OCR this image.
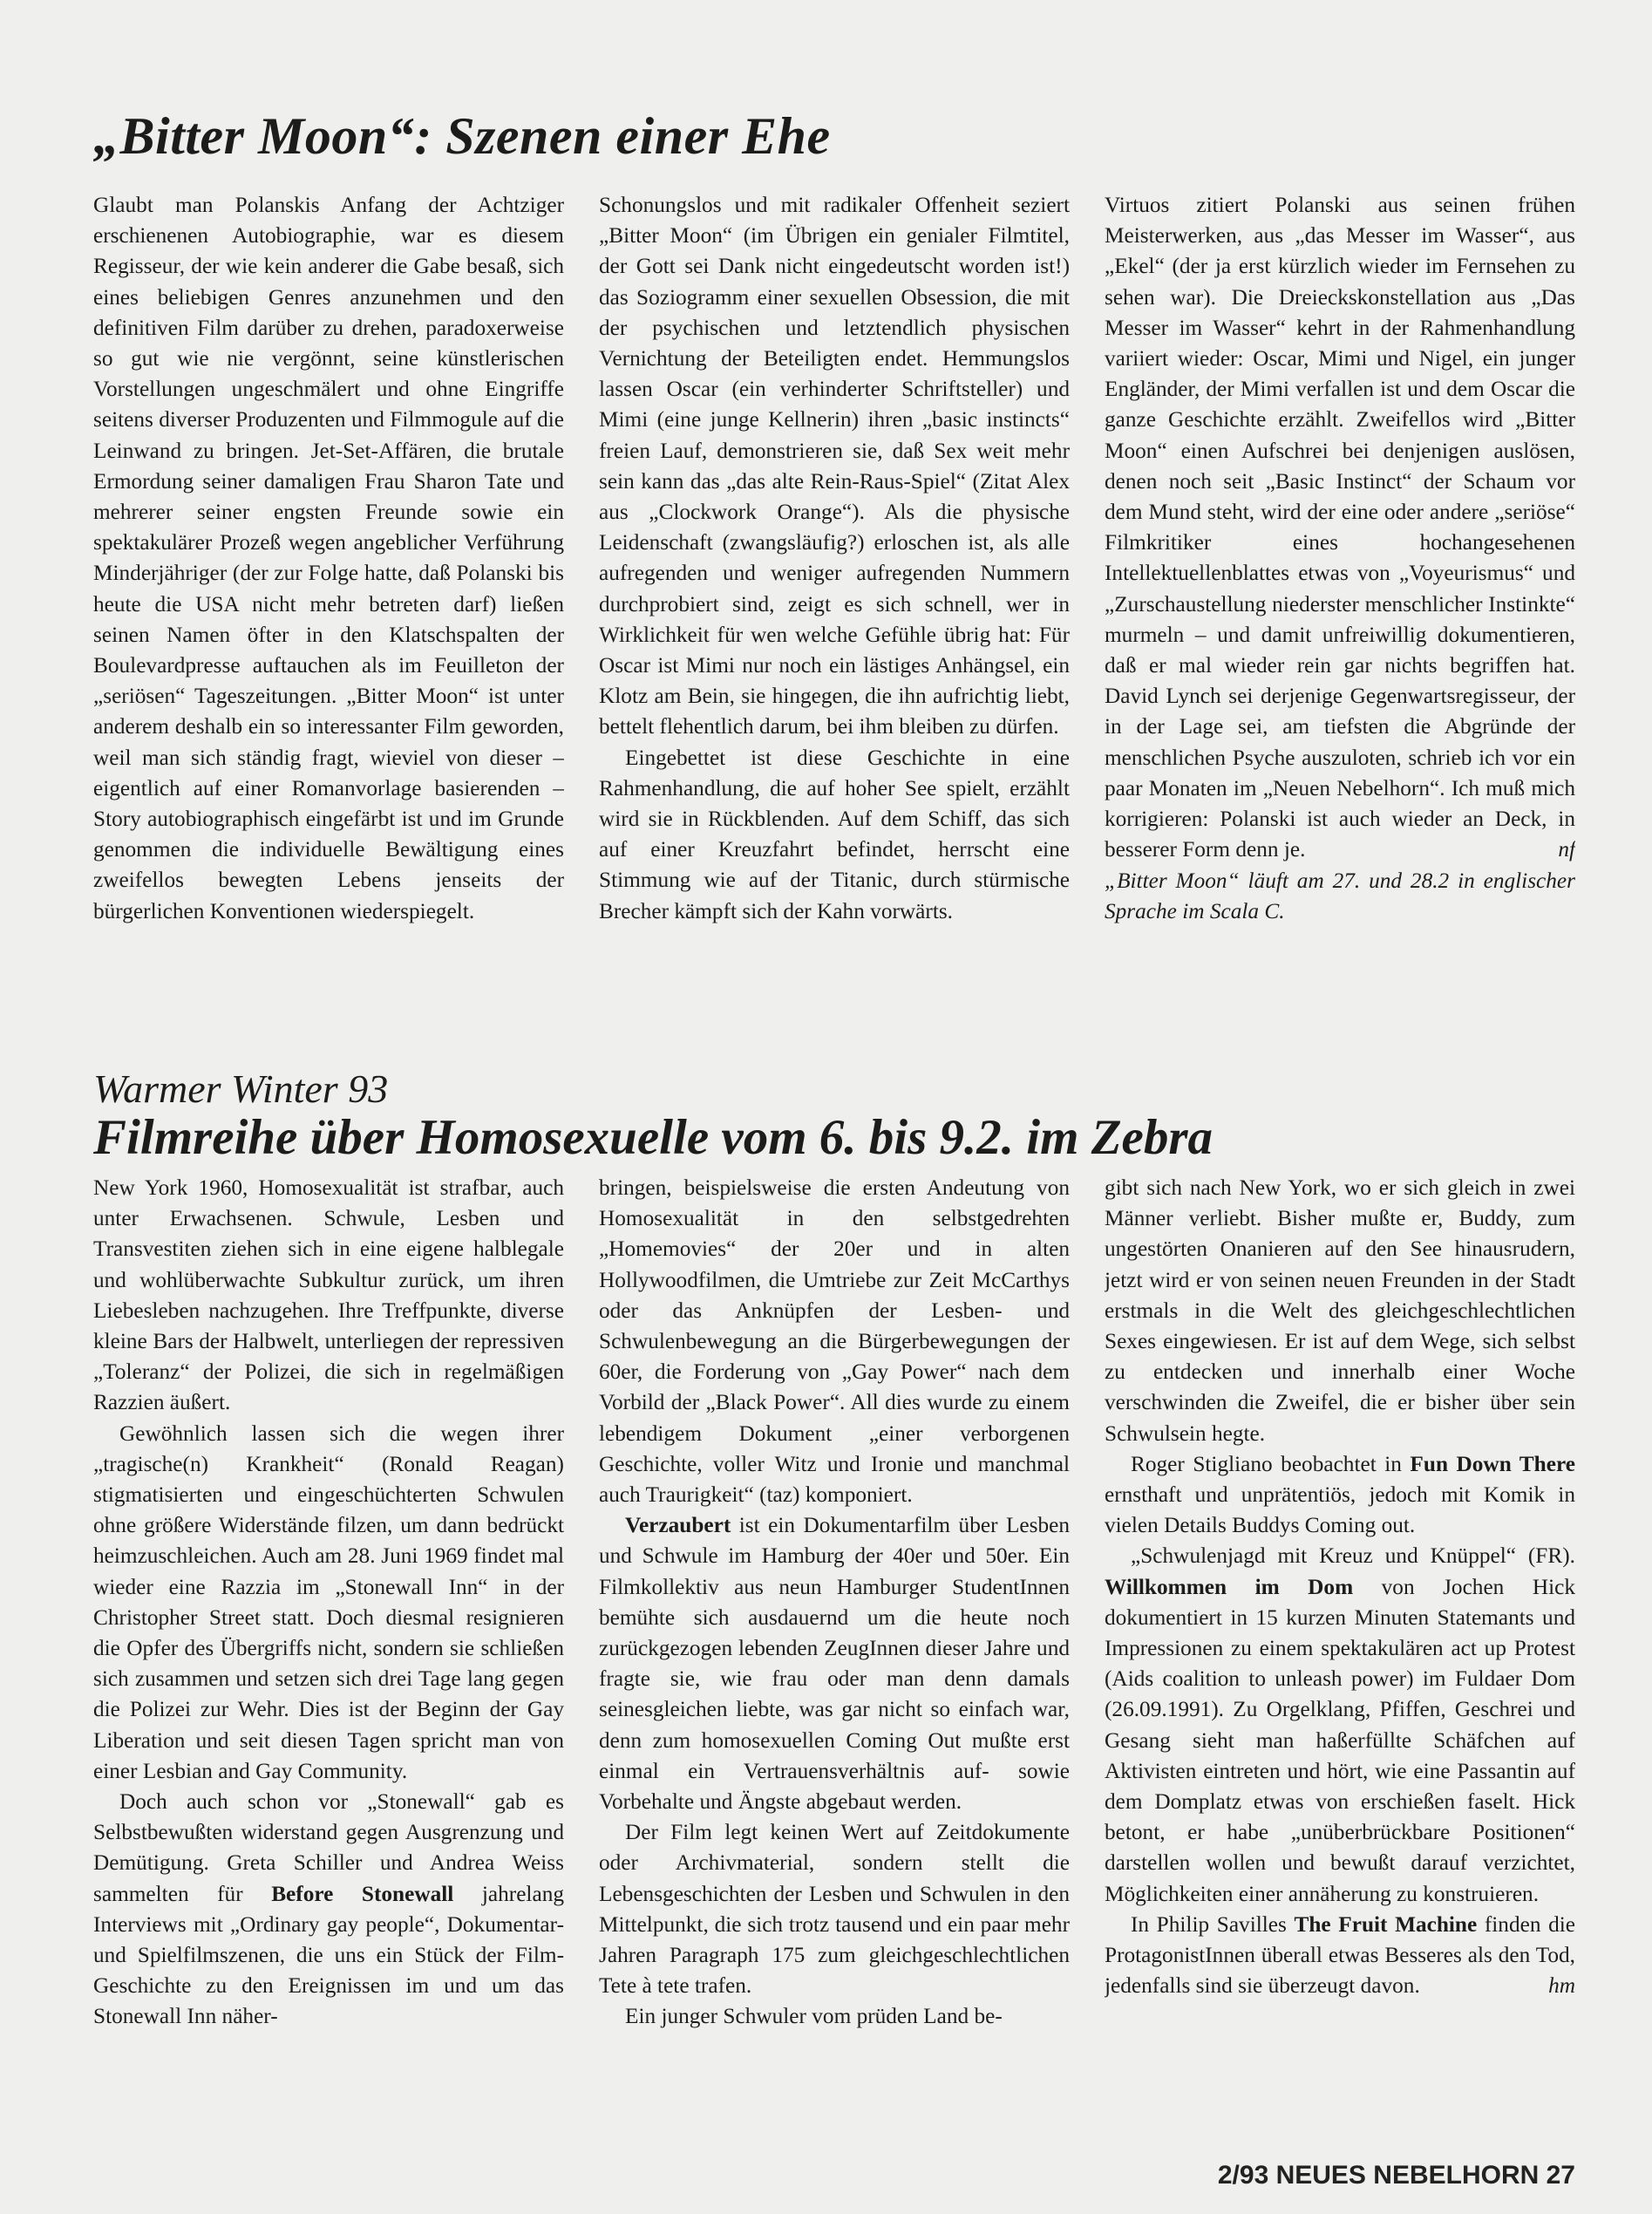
„Bitter Moon“: Szenen einer Ehe

Glaubt man Polanskis Anfang der Achtziger erschienenen Autobiographie, war es diesem Regisseur, der wie kein anderer die Gabe besaß, sich eines beliebigen Genres anzunehmen und den definitiven Film darüber zu drehen, paradoxerweise so gut wie nie vergönnt, seine künstlerischen Vorstellungen ungeschmälert und ohne Eingriffe seitens diverser Produzenten und Filmmogule auf die Leinwand zu bringen. Jet-Set-Affären, die brutale Ermordung seiner damaligen Frau Sharon Tate und mehrerer seiner engsten Freunde sowie ein spektakulärer Prozeß wegen angeblicher Verführung Minderjähriger (der zur Folge hatte, daß Polanski bis heute die USA nicht mehr betreten darf) ließen seinen Namen öfter in den Klatschspalten der Boulevardpresse auftauchen als im Feuilleton der „seriösen“ Tageszeitungen. „Bitter Moon“ ist unter anderem deshalb ein so interessanter Film geworden, weil man sich ständig fragt, wieviel von dieser – eigentlich auf einer Romanvorlage basierenden – Story autobiographisch eingefärbt ist und im Grunde genommen die individuelle Bewältigung eines zweifellos bewegten Lebens jenseits der bürgerlichen Konventionen wiederspiegelt.

Schonungslos und mit radikaler Offenheit seziert „Bitter Moon“ (im Übrigen ein genialer Filmtitel, der Gott sei Dank nicht eingedeutscht worden ist!) das Soziogramm einer sexuellen Obsession, die mit der psychischen und letztendlich physischen Vernichtung der Beteiligten endet. Hemmungslos lassen Oscar (ein verhinderter Schriftsteller) und Mimi (eine junge Kellnerin) ihren „basic instincts“ freien Lauf, demonstrieren sie, daß Sex weit mehr sein kann das „das alte Rein-Raus-Spiel“ (Zitat Alex aus „Clockwork Orange“). Als die physische Leidenschaft (zwangsläufig?) erloschen ist, als alle aufregenden und weniger aufregenden Nummern durchprobiert sind, zeigt es sich schnell, wer in Wirklichkeit für wen welche Gefühle übrig hat: Für Oscar ist Mimi nur noch ein lästiges Anhängsel, ein Klotz am Bein, sie hingegen, die ihn aufrichtig liebt, bettelt flehentlich darum, bei ihm bleiben zu dürfen.

Eingebettet ist diese Geschichte in eine Rahmenhandlung, die auf hoher See spielt, erzählt wird sie in Rückblenden. Auf dem Schiff, das sich auf einer Kreuzfahrt befindet, herrscht eine Stimmung wie auf der Titanic, durch stürmische Brecher kämpft sich der Kahn vorwärts.

Virtuos zitiert Polanski aus seinen frühen Meisterwerken, aus „das Messer im Wasser“, aus „Ekel“ (der ja erst kürzlich wieder im Fernsehen zu sehen war). Die Dreieckskonstellation aus „Das Messer im Wasser“ kehrt in der Rahmenhandlung variiert wieder: Oscar, Mimi und Nigel, ein junger Engländer, der Mimi verfallen ist und dem Oscar die ganze Geschichte erzählt. Zweifellos wird „Bitter Moon“ einen Aufschrei bei denjenigen auslösen, denen noch seit „Basic Instinct“ der Schaum vor dem Mund steht, wird der eine oder andere „seriöse“ Filmkritiker eines hochangesehenen Intellektuellenblattes etwas von „Voyeurismus“ und „Zurschaustellung niederster menschlicher Instinkte“ murmeln – und damit unfreiwillig dokumentieren, daß er mal wieder rein gar nichts begriffen hat. David Lynch sei derjenige Gegenwartsregisseur, der in der Lage sei, am tiefsten die Abgründe der menschlichen Psyche auszuloten, schrieb ich vor ein paar Monaten im „Neuen Nebelhorn“. Ich muß mich korrigieren: Polanski ist auch wieder an Deck, in besserer Form denn je.	nf

„Bitter Moon“ läuft am 27. und 28.2 in englischer Sprache im Scala C.

Warmer Winter 93
Filmreihe über Homosexuelle vom 6. bis 9.2. im Zebra

New York 1960, Homosexualität ist strafbar, auch unter Erwachsenen. Schwule, Lesben und Transvestiten ziehen sich in eine eigene halblegale und wohlüberwachte Subkultur zurück, um ihren Liebesleben nachzugehen. Ihre Treffpunkte, diverse kleine Bars der Halbwelt, unterliegen der repressiven „Toleranz“ der Polizei, die sich in regelmäßigen Razzien äußert.

Gewöhnlich lassen sich die wegen ihrer „tragische(n) Krankheit“ (Ronald Reagan) stigmatisierten und eingeschüchterten Schwulen ohne größere Widerstände filzen, um dann bedrückt heimzuschleichen. Auch am 28. Juni 1969 findet mal wieder eine Razzia im „Stonewall Inn“ in der Christopher Street statt. Doch diesmal resignieren die Opfer des Übergriffs nicht, sondern sie schließen sich zusammen und setzen sich drei Tage lang gegen die Polizei zur Wehr. Dies ist der Beginn der Gay Liberation und seit diesen Tagen spricht man von einer Lesbian and Gay Community.

Doch auch schon vor „Stonewall“ gab es Selbstbewußten widerstand gegen Ausgrenzung und Demütigung. Greta Schiller und Andrea Weiss sammelten für Before Stonewall jahrelang Interviews mit „Ordinary gay people“, Dokumentar- und Spielfilmszenen, die uns ein Stück der Film-Geschichte zu den Ereignissen im und um das Stonewall Inn näher-

bringen, beispielsweise die ersten Andeutung von Homosexualität in den selbstgedrehten „Homemovies“ der 20er und in alten Hollywoodfilmen, die Umtriebe zur Zeit McCarthys oder das Anknüpfen der Lesben- und Schwulenbewegung an die Bürgerbewegungen der 60er, die Forderung von „Gay Power“ nach dem Vorbild der „Black Power“. All dies wurde zu einem lebendigem Dokument „einer verborgenen Geschichte, voller Witz und Ironie und manchmal auch Traurigkeit“ (taz) komponiert.

Verzaubert ist ein Dokumentarfilm über Lesben und Schwule im Hamburg der 40er und 50er. Ein Filmkollektiv aus neun Hamburger StudentInnen bemühte sich ausdauernd um die heute noch zurückgezogen lebenden ZeugInnen dieser Jahre und fragte sie, wie frau oder man denn damals seinesgleichen liebte, was gar nicht so einfach war, denn zum homosexuellen Coming Out mußte erst einmal ein Vertrauensverhältnis auf- sowie Vorbehalte und Ängste abgebaut werden.

Der Film legt keinen Wert auf Zeitdokumente oder Archivmaterial, sondern stellt die Lebensgeschichten der Lesben und Schwulen in den Mittelpunkt, die sich trotz tausend und ein paar mehr Jahren Paragraph 175 zum gleichgeschlechtlichen Tete à tete trafen.

Ein junger Schwuler vom prüden Land be-

gibt sich nach New York, wo er sich gleich in zwei Männer verliebt. Bisher mußte er, Buddy, zum ungestörten Onanieren auf den See hinausrudern, jetzt wird er von seinen neuen Freunden in der Stadt erstmals in die Welt des gleichgeschlechtlichen Sexes eingewiesen. Er ist auf dem Wege, sich selbst zu entdecken und innerhalb einer Woche verschwinden die Zweifel, die er bisher über sein Schwulsein hegte.

Roger Stigliano beobachtet in Fun Down There ernsthaft und unprätentiös, jedoch mit Komik in vielen Details Buddys Coming out.

„Schwulenjagd mit Kreuz und Knüppel“ (FR). Willkommen im Dom von Jochen Hick dokumentiert in 15 kurzen Minuten Statemants und Impressionen zu einem spektakulären act up Protest (Aids coalition to unleash power) im Fuldaer Dom (26.09.1991). Zu Orgelklang, Pfiffen, Geschrei und Gesang sieht man haßerfüllte Schäfchen auf Aktivisten eintreten und hört, wie eine Passantin auf dem Domplatz etwas von erschießen faselt. Hick betont, er habe „unüberbrückbare Positionen“ darstellen wollen und bewußt darauf verzichtet, Möglichkeiten einer annäherung zu konstruieren.

In Philip Savilles The Fruit Machine finden die ProtagonistInnen überall etwas Besseres als den Tod, jedenfalls sind sie überzeugt davon.	hm
2/93 NEUES NEBELHORN 27
